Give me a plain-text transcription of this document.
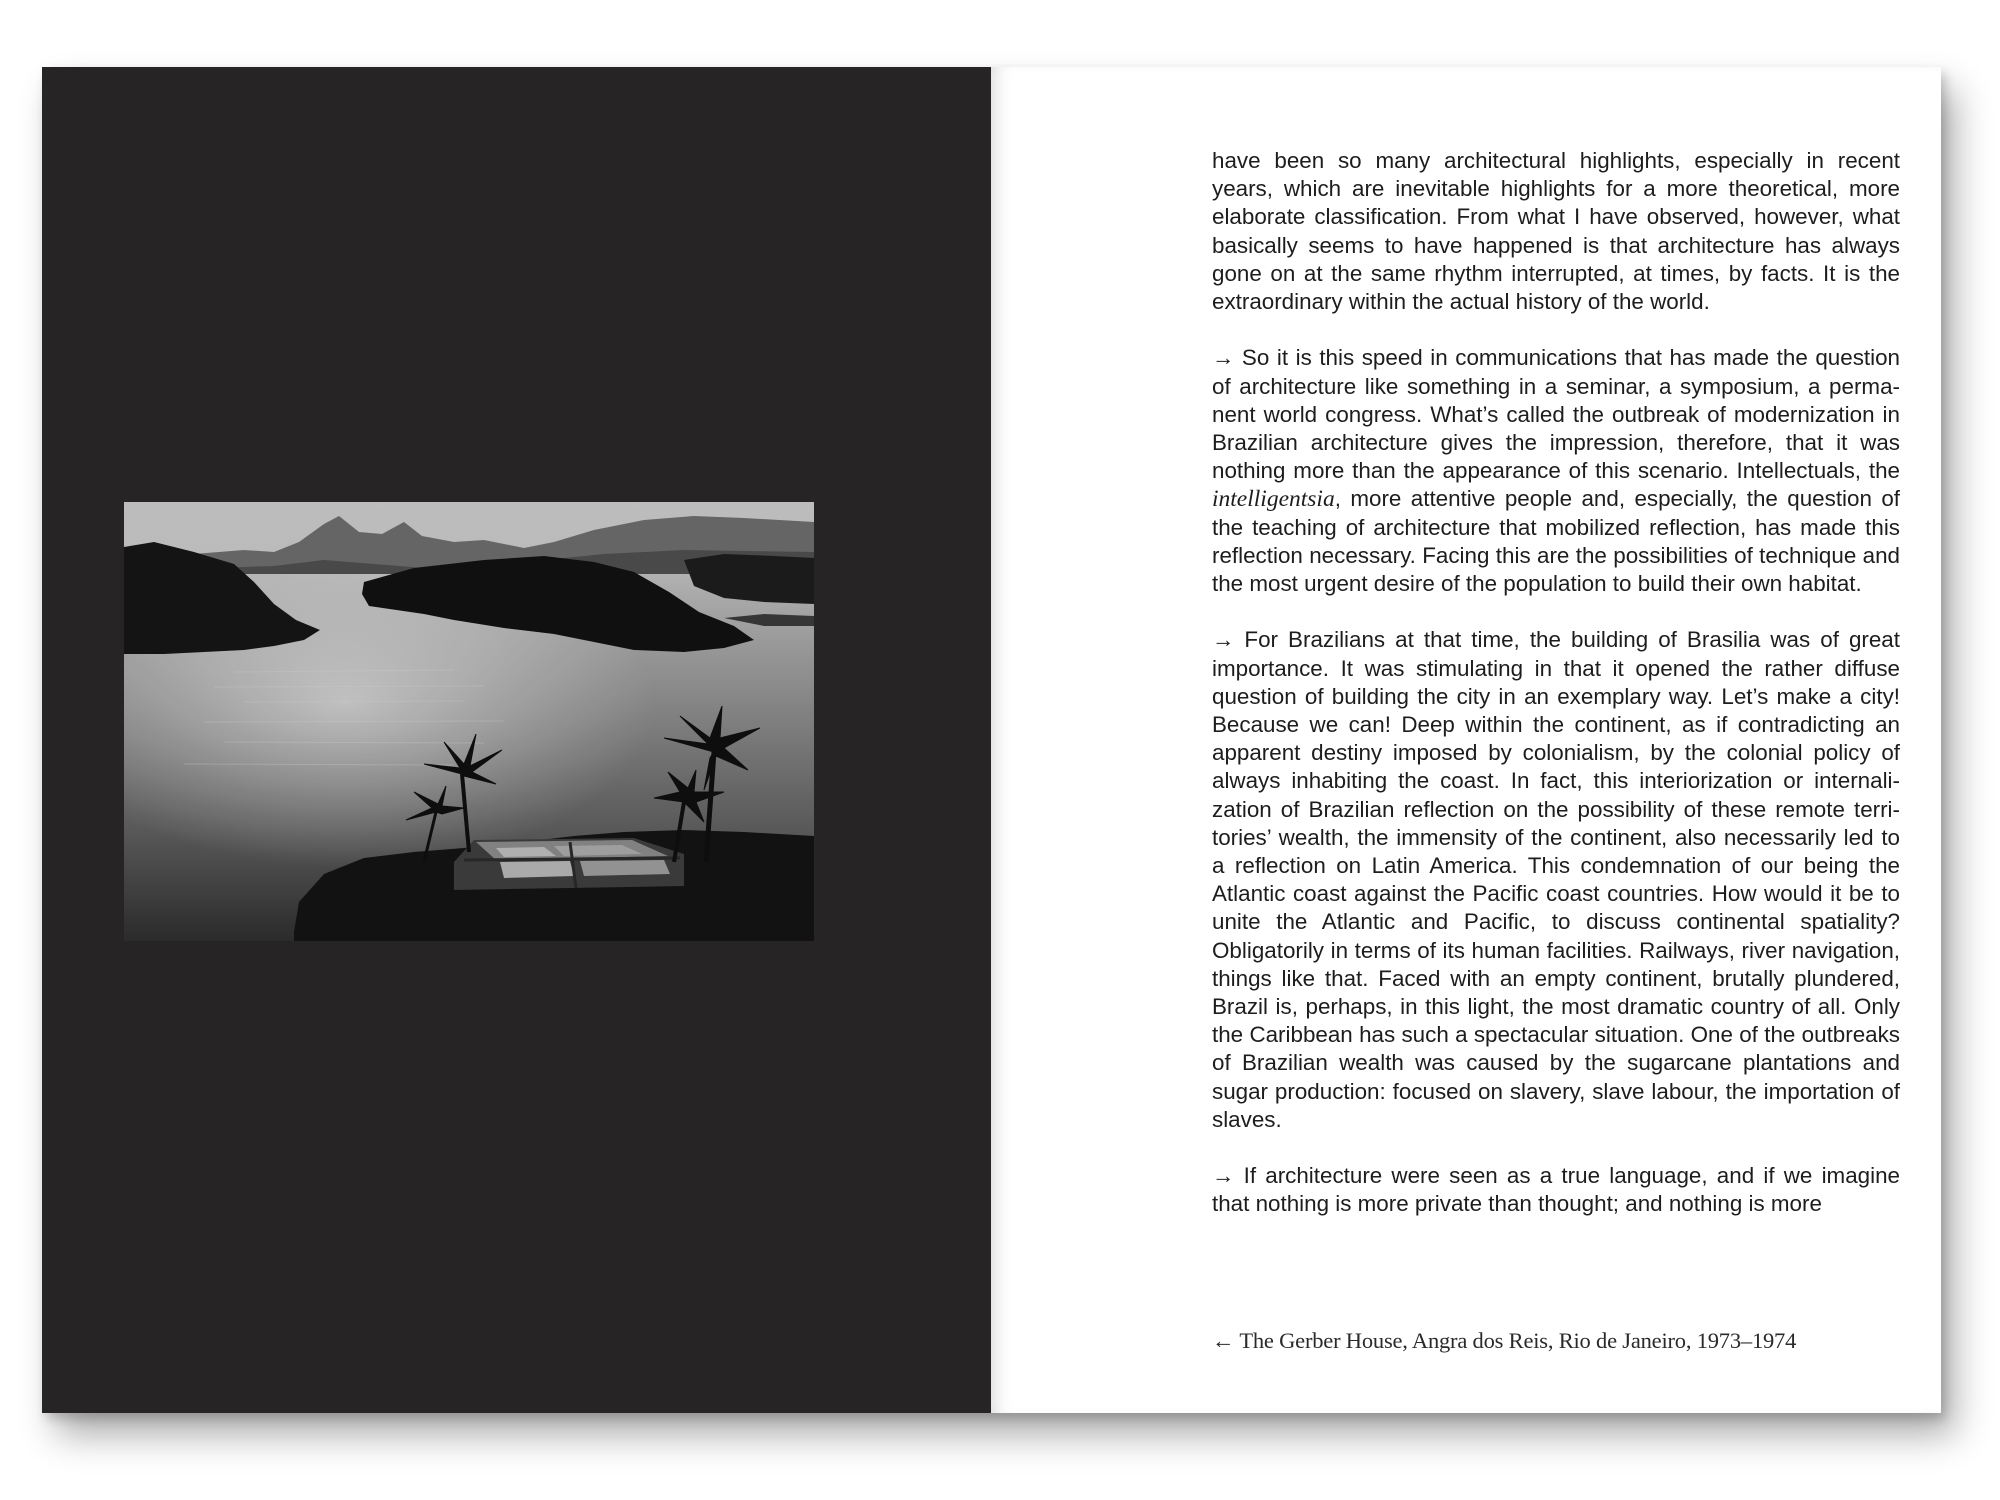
have been so many architectural highlights, especially in recent years, which are inevitable highlights for a more theoretical, more elaborate classification. From what I have observed, however, what basically seems to have happened is that architecture has always gone on at the same rhythm interrupted, at times, by facts. It is the extraordinary within the actual history of the world.

→ So it is this speed in communications that has made the question of architecture like something in a seminar, a symposium, a permanent world congress. What’s called the outbreak of modernization in Brazilian architecture gives the impression, therefore, that it was nothing more than the appearance of this scenario. Intellectuals, the intelligentsia, more attentive people and, especially, the question of the teaching of architecture that mobilized reflection, has made this reflection necessary. Facing this are the possibilities of technique and the most urgent desire of the population to build their own habitat.

→ For Brazilians at that time, the building of Brasilia was of great importance. It was stimulating in that it opened the rather diffuse question of building the city in an exemplary way. Let’s make a city! Because we can! Deep within the continent, as if contradicting an apparent destiny imposed by colonialism, by the colonial policy of always inhabiting the coast. In fact, this interiorization or internalization of Brazilian reflection on the possibility of these remote territories’ wealth, the immensity of the continent, also necessarily led to a reflection on Latin America. This condemnation of our being the Atlantic coast against the Pacific coast countries. How would it be to unite the Atlantic and Pacific, to discuss continental spatiality? Obligatorily in terms of its human facilities. Railways, river navigation, things like that. Faced with an empty continent, brutally plundered, Brazil is, perhaps, in this light, the most dramatic country of all. Only the Caribbean has such a spectacular situation. One of the outbreaks of Brazilian wealth was caused by the sugarcane plantations and sugar production: focused on slavery, slave labour, the importation of slaves.

→ If architecture were seen as a true language, and if we imagine that nothing is more private than thought; and nothing is more

← The Gerber House, Angra dos Reis, Rio de Janeiro, 1973–1974
